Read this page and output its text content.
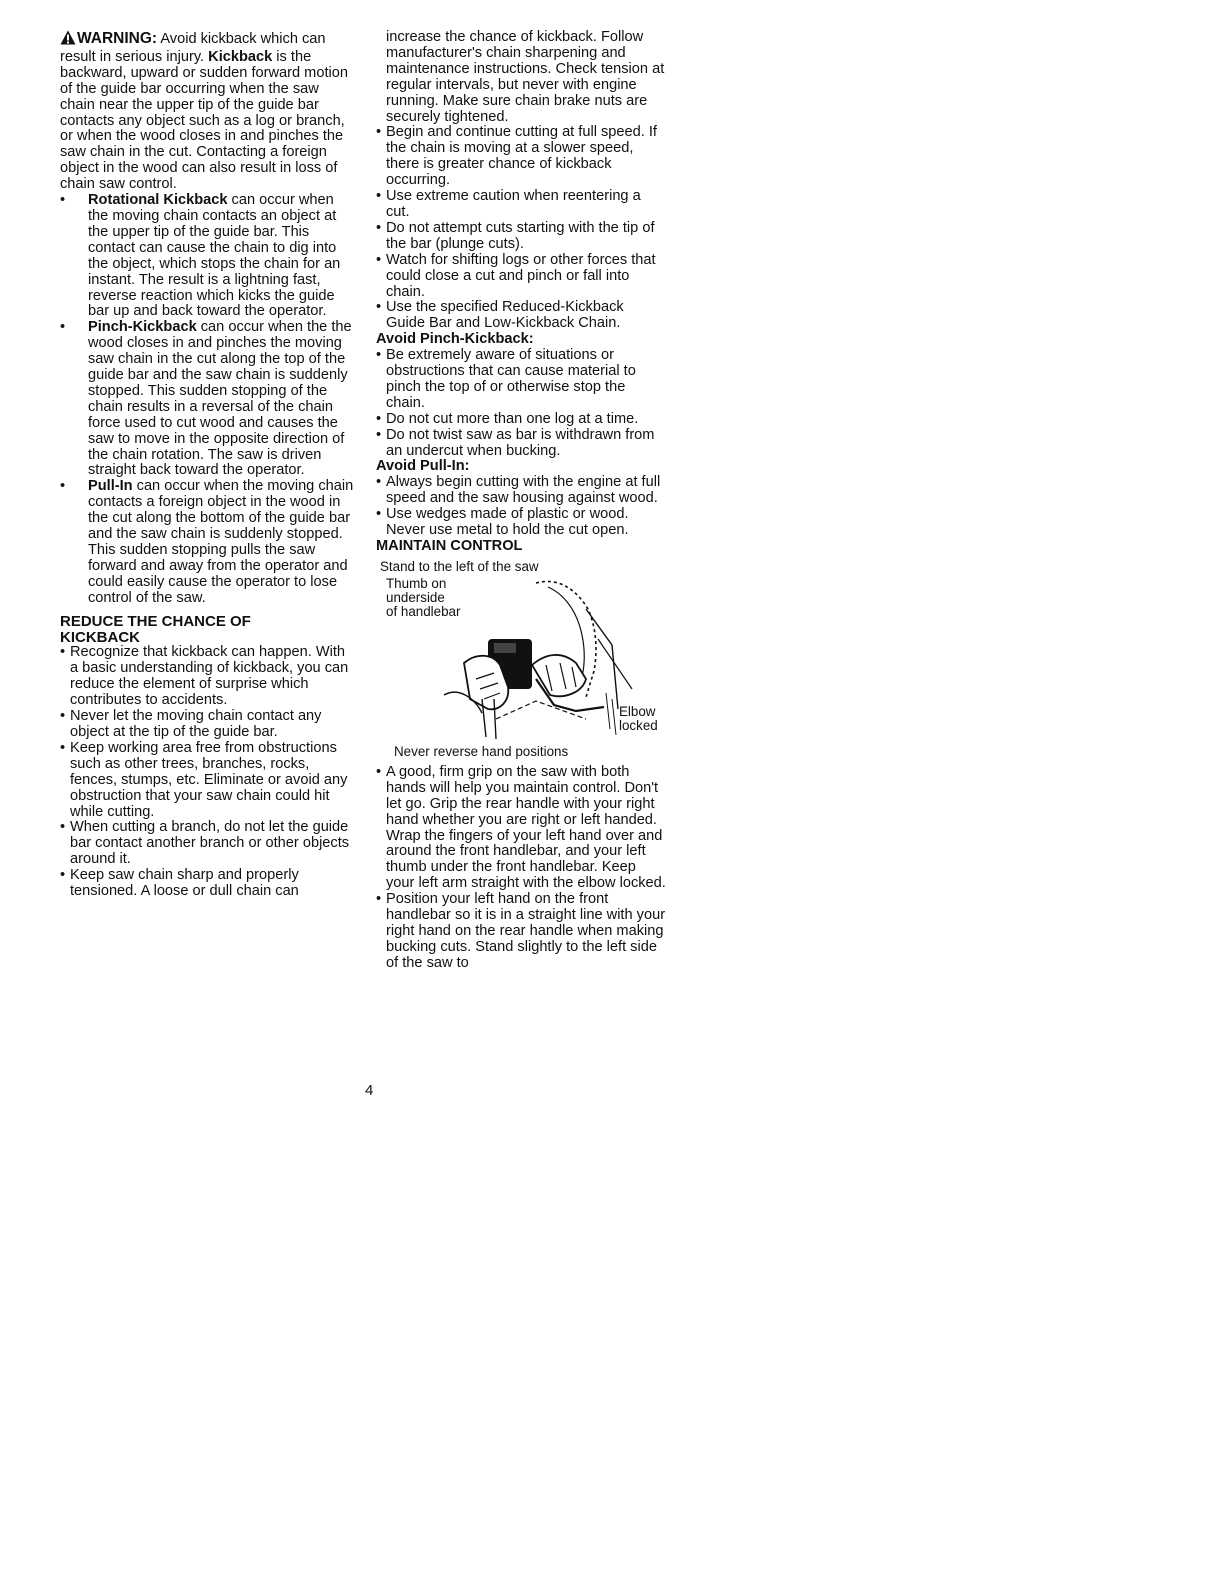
WARNING: Avoid kickback which can result in serious injury. Kickback is the backward, upward or sudden forward motion of the guide bar occurring when the saw chain near the upper tip of the guide bar contacts any object such as a log or branch, or when the wood closes in and pinches the saw chain in the cut. Contacting a foreign object in the wood can also result in loss of chain saw control.

• Rotational Kickback can occur when the moving chain contacts an object at the upper tip of the guide bar. This contact can cause the chain to dig into the object, which stops the chain for an instant. The result is a lightning fast, reverse reaction which kicks the guide bar up and back toward the operator.

• Pinch-Kickback can occur when the the wood closes in and pinches the moving saw chain in the cut along the top of the guide bar and the saw chain is suddenly stopped. This sudden stopping of the chain results in a reversal of the chain force used to cut wood and causes the saw to move in the opposite direction of the chain rotation. The saw is driven straight back toward the operator.

• Pull-In can occur when the moving chain contacts a foreign object in the wood in the cut along the bottom of the guide bar and the saw chain is suddenly stopped. This sudden stopping pulls the saw forward and away from the operator and could easily cause the operator to lose control of the saw.

REDUCE THE CHANCE OF
KICKBACK

• Recognize that kickback can happen. With a basic understanding of kickback, you can reduce the element of surprise which contributes to accidents.

• Never let the moving chain contact any object at the tip of the guide bar.

• Keep working area free from obstructions such as other trees, branches, rocks, fences, stumps, etc. Eliminate or avoid any obstruction that your saw chain could hit while cutting.

• When cutting a branch, do not let the guide bar contact another branch or other objects around it.

• Keep saw chain sharp and properly tensioned. A loose or dull chain can

increase the chance of kickback. Follow manufacturer's chain sharpening and maintenance instructions. Check tension at regular intervals, but never with engine running. Make sure chain brake nuts are securely tightened.

• Begin and continue cutting at full speed. If the chain is moving at a slower speed, there is greater chance of kickback occurring.

• Use extreme caution when reentering a cut.

• Do not attempt cuts starting with the tip of the bar (plunge cuts).

• Watch for shifting logs or other forces that could close a cut and pinch or fall into chain.

• Use the specified Reduced-Kickback Guide Bar and Low-Kickback Chain.

Avoid Pinch-Kickback:

• Be extremely aware of situations or obstructions that can cause material to pinch the top of or otherwise stop the chain.

• Do not cut more than one log at a time.

• Do not twist saw as bar is withdrawn from an undercut when bucking.

Avoid Pull-In:

• Always begin cutting with the engine at full speed and the saw housing against wood.

• Use wedges made of plastic or wood. Never use metal to hold the cut open.

MAINTAIN CONTROL

Stand to the left of the saw
Thumb on
underside
of handlebar
Elbow
locked
Never reverse hand positions

• A good, firm grip on the saw with both hands will help you maintain control. Don't let go. Grip the rear handle with your right hand whether you are right or left handed. Wrap the fingers of your left hand over and around the front handlebar, and your left thumb under the front handlebar. Keep your left arm straight with the elbow locked.

• Position your left hand on the front handlebar so it is in a straight line with your right hand on the rear handle when making bucking cuts. Stand slightly to the left side of the saw to

4
